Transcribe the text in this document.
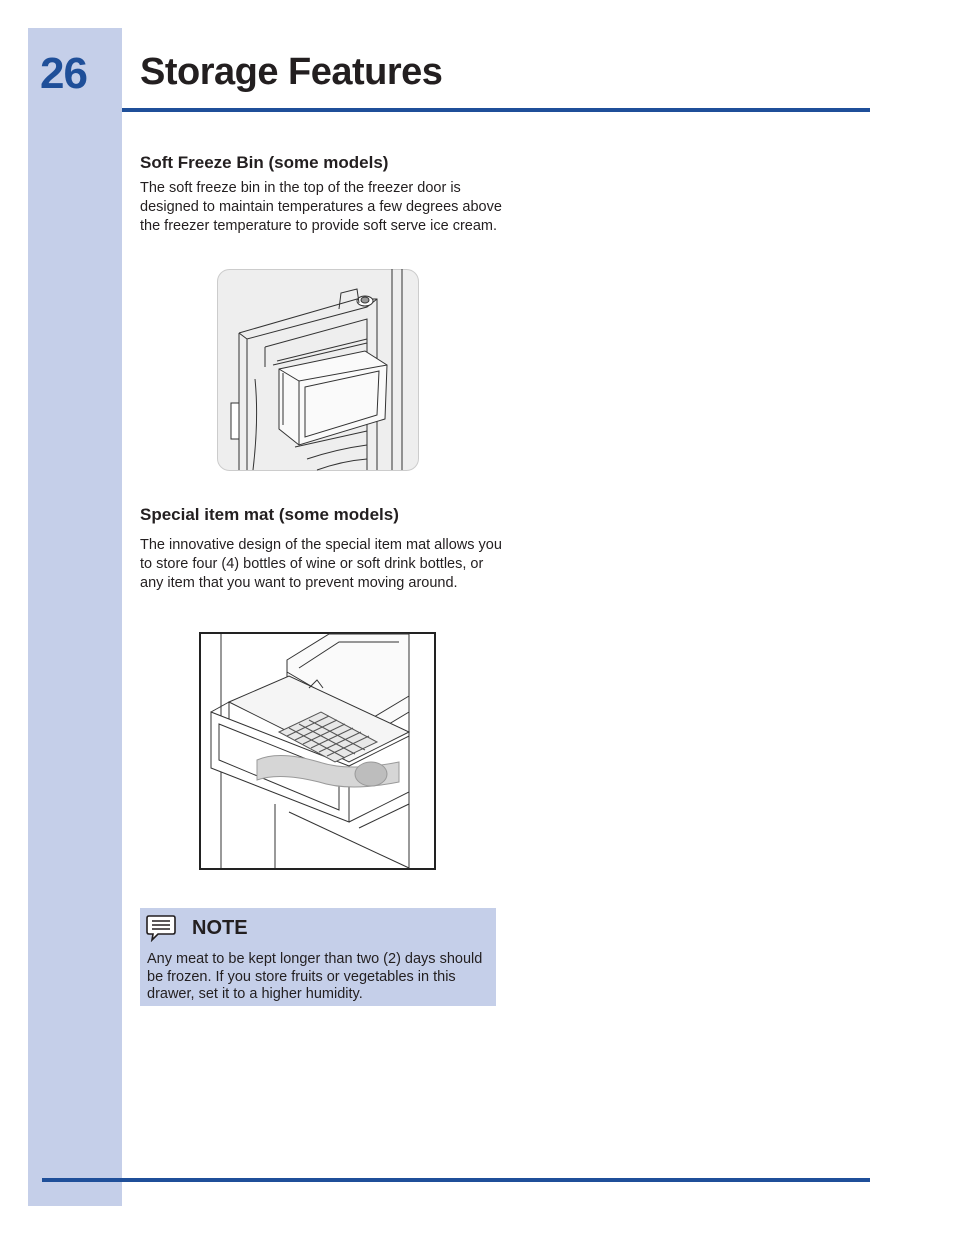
26	Storage Features
Soft Freeze Bin (some models)
The soft freeze bin in the top of the freezer door is designed to maintain temperatures a few degrees above the freezer temperature to provide soft serve ice cream.
Special item mat (some models)
The innovative design of the special item mat allows you to store four (4) bottles of wine or soft drink bottles, or any item that you want to prevent moving around.
NOTE
Any meat to be kept longer than two (2) days should be frozen. If you store fruits or vegetables in this drawer, set it to a higher humidity.
